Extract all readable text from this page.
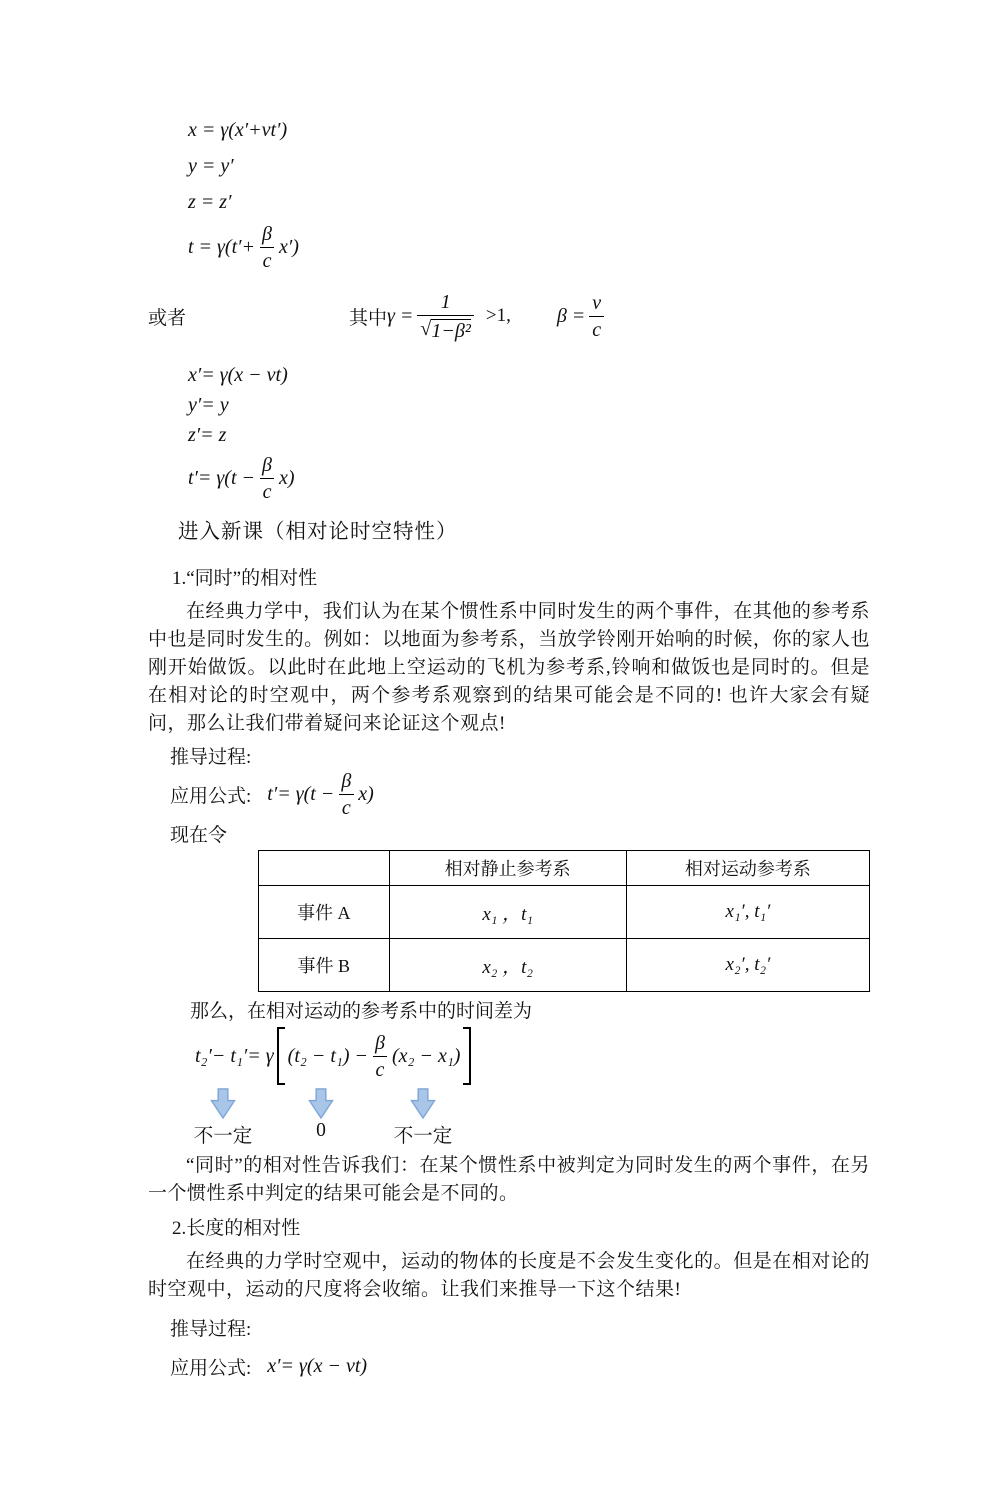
x = γ(x′+vt′)
y = y′
z = z′
$t = \gamma(t'+ \frac{\beta}{c} x')$
或者	其中 $\gamma = \frac{1}{\text{√ 1−β²}} >1$, $\beta = \frac{v}{c}$
x′= γ(x − vt)
y′= y
z′= z
$t'= \gamma(t - \frac{\beta}{c} x)$
进入新课（相对论时空特性）
1.“同时”的相对性

在经典力学中，我们认为在某个惯性系中同时发生的两个事件，在其他的参考系中也是同时发生的。例如：以地面为参考系，当放学铃刚开始响的时候，你的家人也刚开始做饭。以此时在此地上空运动的飞机为参考系,铃响和做饭也是同时的。但是在相对论的时空观中，两个参考系观察到的结果可能会是不同的! 也许大家会有疑问，那么让我们带着疑问来论证这个观点!

推导过程:
应用公式: $t'= \gamma(t - \frac{\beta}{c} x)$
现在令
	相对静止参考系	相对运动参考系
事件 A	x₁ ，t₁	x₁′, t₁′
事件 B	x₂ ，t₂	x₂′, t₂′
那么，在相对运动的参考系中的时间差为
t₂′− t₁′= γ $(t_2 - t_1) - \frac{\beta}{c} (x_2 - x_1)$
不一定	0	不一定

“同时”的相对性告诉我们：在某个惯性系中被判定为同时发生的两个事件，在另一个惯性系中判定的结果可能会是不同的。

2.长度的相对性

在经典的力学时空观中，运动的物体的长度是不会发生变化的。但是在相对论的时空观中，运动的尺度将会收缩。让我们来推导一下这个结果!

推导过程:
应用公式: x′= γ(x − vt)
